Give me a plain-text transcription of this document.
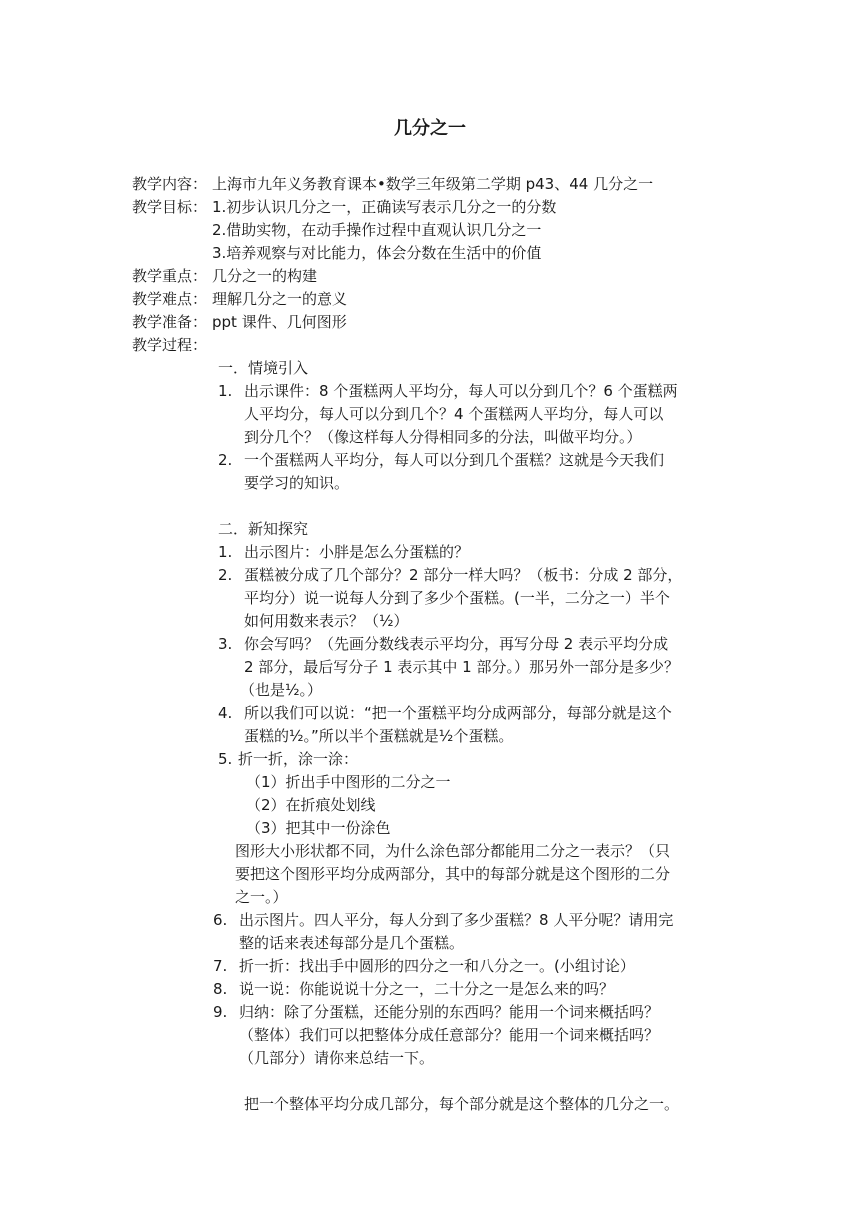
几分之一
教学内容： 上海市九年义务教育课本•数学三年级第二学期 p43、44 几分之一
教学目标： 1.初步认识几分之一，正确读写表示几分之一的分数
2.借助实物，在动手操作过程中直观认识几分之一
3.培养观察与对比能力，体会分数在生活中的价值
教学重点： 几分之一的构建
教学难点： 理解几分之一的意义
教学准备： ppt 课件、几何图形
教学过程：
一．情境引入
1. 出示课件：8 个蛋糕两人平均分，每人可以分到几个？6 个蛋糕两
人平均分，每人可以分到几个？4 个蛋糕两人平均分，每人可以
到分几个？（像这样每人分得相同多的分法，叫做平均分。）
2. 一个蛋糕两人平均分，每人可以分到几个蛋糕？这就是今天我们
要学习的知识。
二．新知探究
1. 出示图片：小胖是怎么分蛋糕的？
2. 蛋糕被分成了几个部分？2 部分一样大吗？（板书：分成 2 部分，
平均分）说一说每人分到了多少个蛋糕。(一半，二分之一）半个
如何用数来表示？（½）
3. 你会写吗？（先画分数线表示平均分，再写分母 2 表示平均分成
2 部分，最后写分子 1 表示其中 1 部分。）那另外一部分是多少？
（也是½。）
4. 所以我们可以说：“把一个蛋糕平均分成两部分，每部分就是这个
蛋糕的½。”所以半个蛋糕就是½个蛋糕。
5. 折一折，涂一涂：
（1）折出手中图形的二分之一
（2）在折痕处划线
（3）把其中一份涂色
图形大小形状都不同，为什么涂色部分都能用二分之一表示？（只
要把这个图形平均分成两部分，其中的每部分就是这个图形的二分
之一。）
6. 出示图片。四人平分，每人分到了多少蛋糕？8 人平分呢？请用完
整的话来表述每部分是几个蛋糕。
7. 折一折：找出手中圆形的四分之一和八分之一。(小组讨论）
8. 说一说：你能说说十分之一，二十分之一是怎么来的吗？
9. 归纳：除了分蛋糕，还能分别的东西吗？能用一个词来概括吗？
（整体）我们可以把整体分成任意部分？能用一个词来概括吗？
（几部分）请你来总结一下。
把一个整体平均分成几部分，每个部分就是这个整体的几分之一。
